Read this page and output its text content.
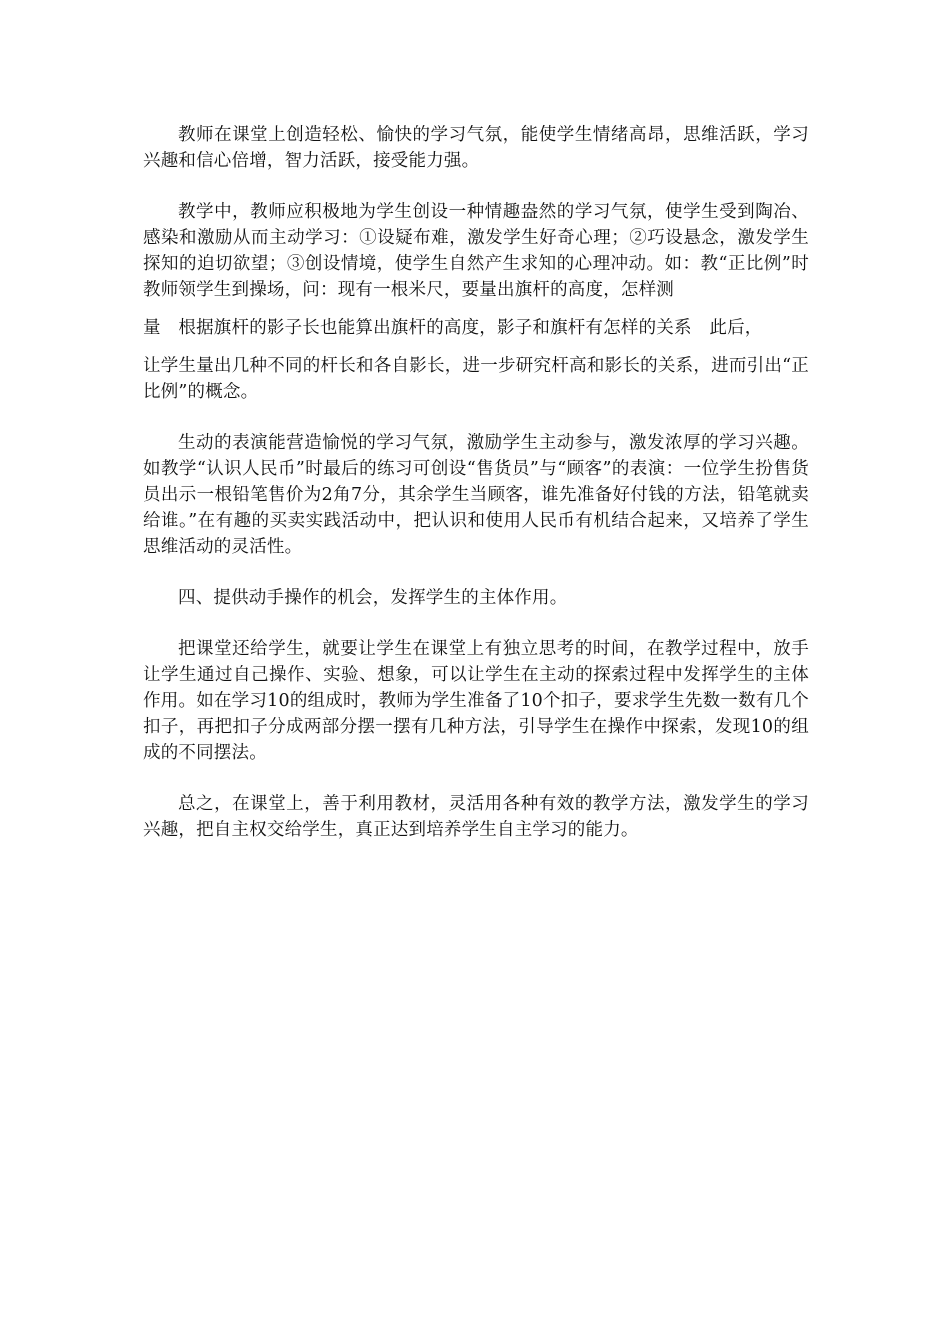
教师在课堂上创造轻松、愉快的学习气氛，能使学生情绪高昂，思维活跃，学习兴趣和信心倍增，智力活跃，接受能力强。

教学中，教师应积极地为学生创设一种情趣盎然的学习气氛，使学生受到陶冶、感染和激励从而主动学习：①设疑布难，激发学生好奇心理；②巧设悬念，激发学生探知的迫切欲望；③创设情境，使学生自然产生求知的心理冲动。如：教“正比例”时教师领学生到操场，问：现有一根米尺，要量出旗杆的高度，怎样测

量　根据旗杆的影子长也能算出旗杆的高度，影子和旗杆有怎样的关系　此后，

让学生量出几种不同的杆长和各自影长，进一步研究杆高和影长的关系，进而引出“正比例”的概念。

生动的表演能营造愉悦的学习气氛，激励学生主动参与，激发浓厚的学习兴趣。如教学“认识人民币”时最后的练习可创设“售货员”与“顾客”的表演：一位学生扮售货员出示一根铅笔售价为2角7分，其余学生当顾客，谁先准备好付钱的方法，铅笔就卖给谁。”在有趣的买卖实践活动中，把认识和使用人民币有机结合起来，又培养了学生思维活动的灵活性。

四、提供动手操作的机会，发挥学生的主体作用。

把课堂还给学生，就要让学生在课堂上有独立思考的时间，在教学过程中，放手让学生通过自己操作、实验、想象，可以让学生在主动的探索过程中发挥学生的主体作用。如在学习10的组成时，教师为学生准备了10个扣子，要求学生先数一数有几个扣子，再把扣子分成两部分摆一摆有几种方法，引导学生在操作中探索，发现10的组成的不同摆法。

总之，在课堂上，善于利用教材，灵活用各种有效的教学方法，激发学生的学习兴趣，把自主权交给学生，真正达到培养学生自主学习的能力。
